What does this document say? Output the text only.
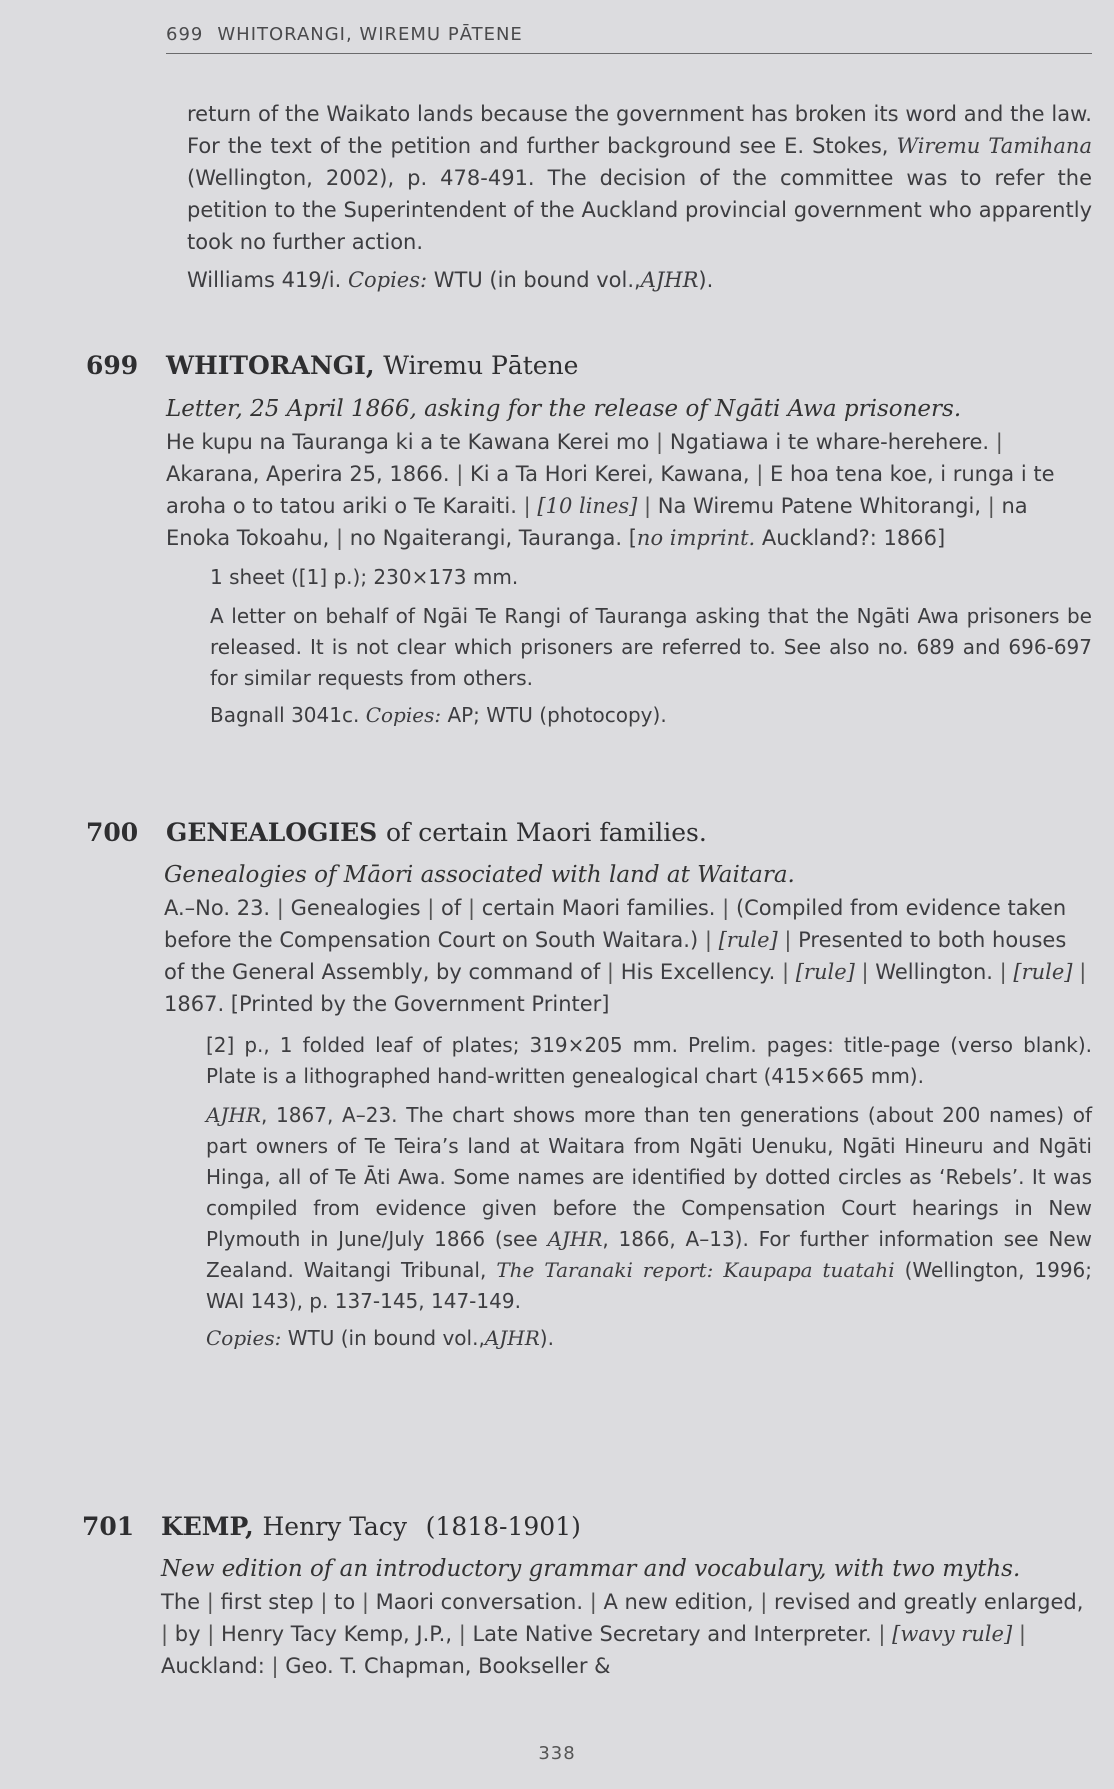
699 WHITORANGI, WIREMU PĀTENE

return of the Waikato lands because the government has broken its word and the law. For the text of the petition and further background see E. Stokes, Wiremu Tamihana (Wellington, 2002), p. 478-491. The decision of the committee was to refer the petition to the Superintendent of the Auckland provincial government who apparently took no further action.

Williams 419/i. Copies: WTU (in bound vol.,AJHR).

699 WHITORANGI, Wiremu Pātene

Letter, 25 April 1866, asking for the release of Ngāti Awa prisoners.

He kupu na Tauranga ki a te Kawana Kerei mo | Ngatiawa i te whare-herehere. | Akarana, Aperira 25, 1866. | Ki a Ta Hori Kerei, Kawana, | E hoa tena koe, i runga i te aroha o to tatou ariki o Te Karaiti. | [10 lines] | Na Wiremu Patene Whitorangi, | na Enoka Tokoahu, | no Ngaiterangi, Tauranga. [no imprint. Auckland?: 1866]

1 sheet ([1] p.); 230×173 mm.

A letter on behalf of Ngāi Te Rangi of Tauranga asking that the Ngāti Awa prisoners be released. It is not clear which prisoners are referred to. See also no. 689 and 696-697 for similar requests from others.

Bagnall 3041c. Copies: AP; WTU (photocopy).

700 GENEALOGIES of certain Maori families.

Genealogies of Māori associated with land at Waitara.

A.–No. 23. | Genealogies | of | certain Maori families. | (Compiled from evidence taken before the Compensation Court on South Waitara.) | [rule] | Presented to both houses of the General Assembly, by command of | His Excellency. | [rule] | Wellington. | [rule] | 1867. [Printed by the Government Printer]

[2] p., 1 folded leaf of plates; 319×205 mm. Prelim. pages: title-page (verso blank). Plate is a lithographed hand-written genealogical chart (415×665 mm).

AJHR, 1867, A–23. The chart shows more than ten generations (about 200 names) of part owners of Te Teira’s land at Waitara from Ngāti Uenuku, Ngāti Hineuru and Ngāti Hinga, all of Te Āti Awa. Some names are identified by dotted circles as ‘Rebels’. It was compiled from evidence given before the Compensation Court hearings in New Plymouth in June/July 1866 (see AJHR, 1866, A–13). For further information see New Zealand. Waitangi Tribunal, The Taranaki report: Kaupapa tuatahi (Wellington, 1996; WAI 143), p. 137-145, 147-149.

Copies: WTU (in bound vol.,AJHR).

701 KEMP, Henry Tacy (1818-1901)

New edition of an introductory grammar and vocabulary, with two myths.

The | first step | to | Maori conversation. | A new edition, | revised and greatly enlarged, | by | Henry Tacy Kemp, J.P., | Late Native Secretary and Interpreter. | [wavy rule] | Auckland: | Geo. T. Chapman, Bookseller &

338
